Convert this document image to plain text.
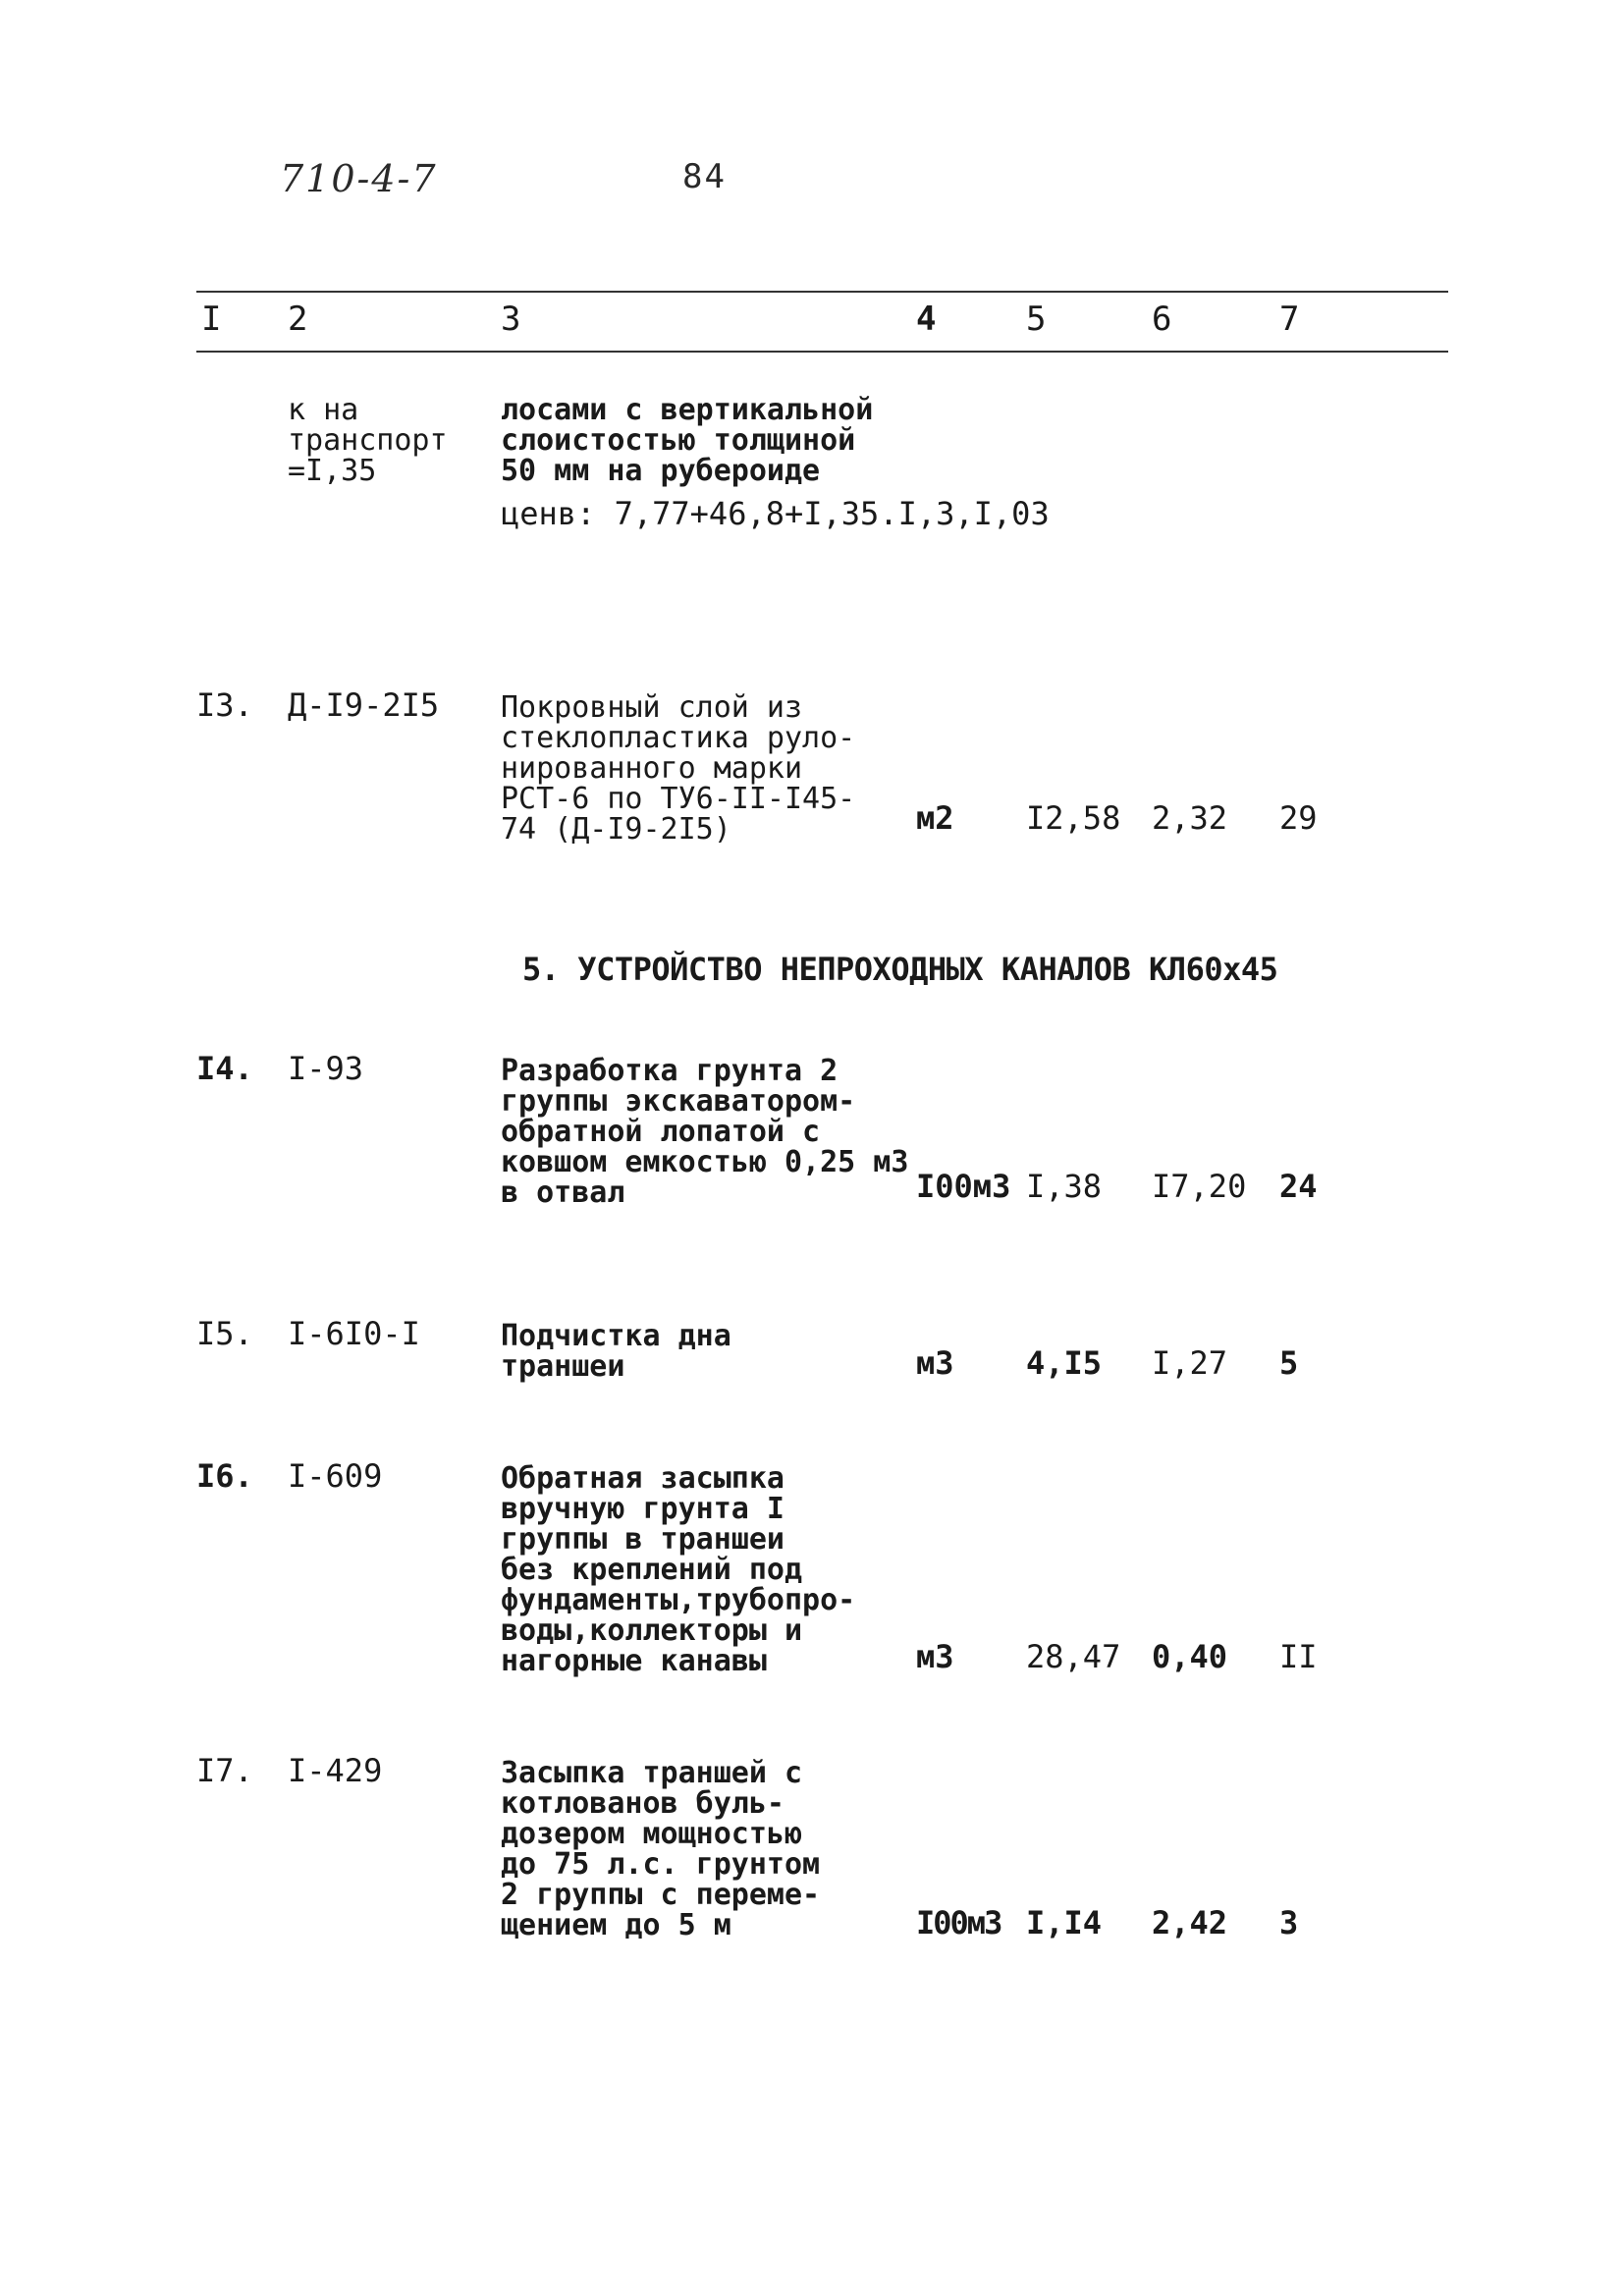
710-4-7	84
I 2	3	4	5	6	7
к на
транспорт
=I,35
лосами с вертикальной
слоистостью толщиной
50 мм на рубероиде
ценв: 7,77+46,8+I,35.I,3,I,03
I3. Д-I9-2I5 Покровный слой из
стеклопластика руло-
нированного марки
РСТ-6 по ТУ6-II-I45-
74 (Д-I9-2I5)	м2 I2,58 2,32 29
5. УСТРОЙСТВО НЕПРОХОДНЫХ КАНАЛОВ КЛ60x45
I4. I-93	Разработка грунта 2
группы экскаватором-
обратной лопатой с
ковшом емкостью 0,25 м3
в отвал	I00м3 I,38 I7,20 24
I5. I-6I0-I	Подчистка дна
траншеи	м3 4,I5 I,27 5
I6. I-609	Обратная засыпка
вручную грунта I
группы в траншеи
без креплений под
фундаменты,трубопро-
воды,коллекторы и
нагорные канавы	м3 28,47 0,40 II
I7. I-429	Засыпка траншей с
котлованов буль-
дозером мощностью
до 75 л.с. грунтом
2 группы с переме-
щением до 5 м	I00м3 I,I4 2,42 3
